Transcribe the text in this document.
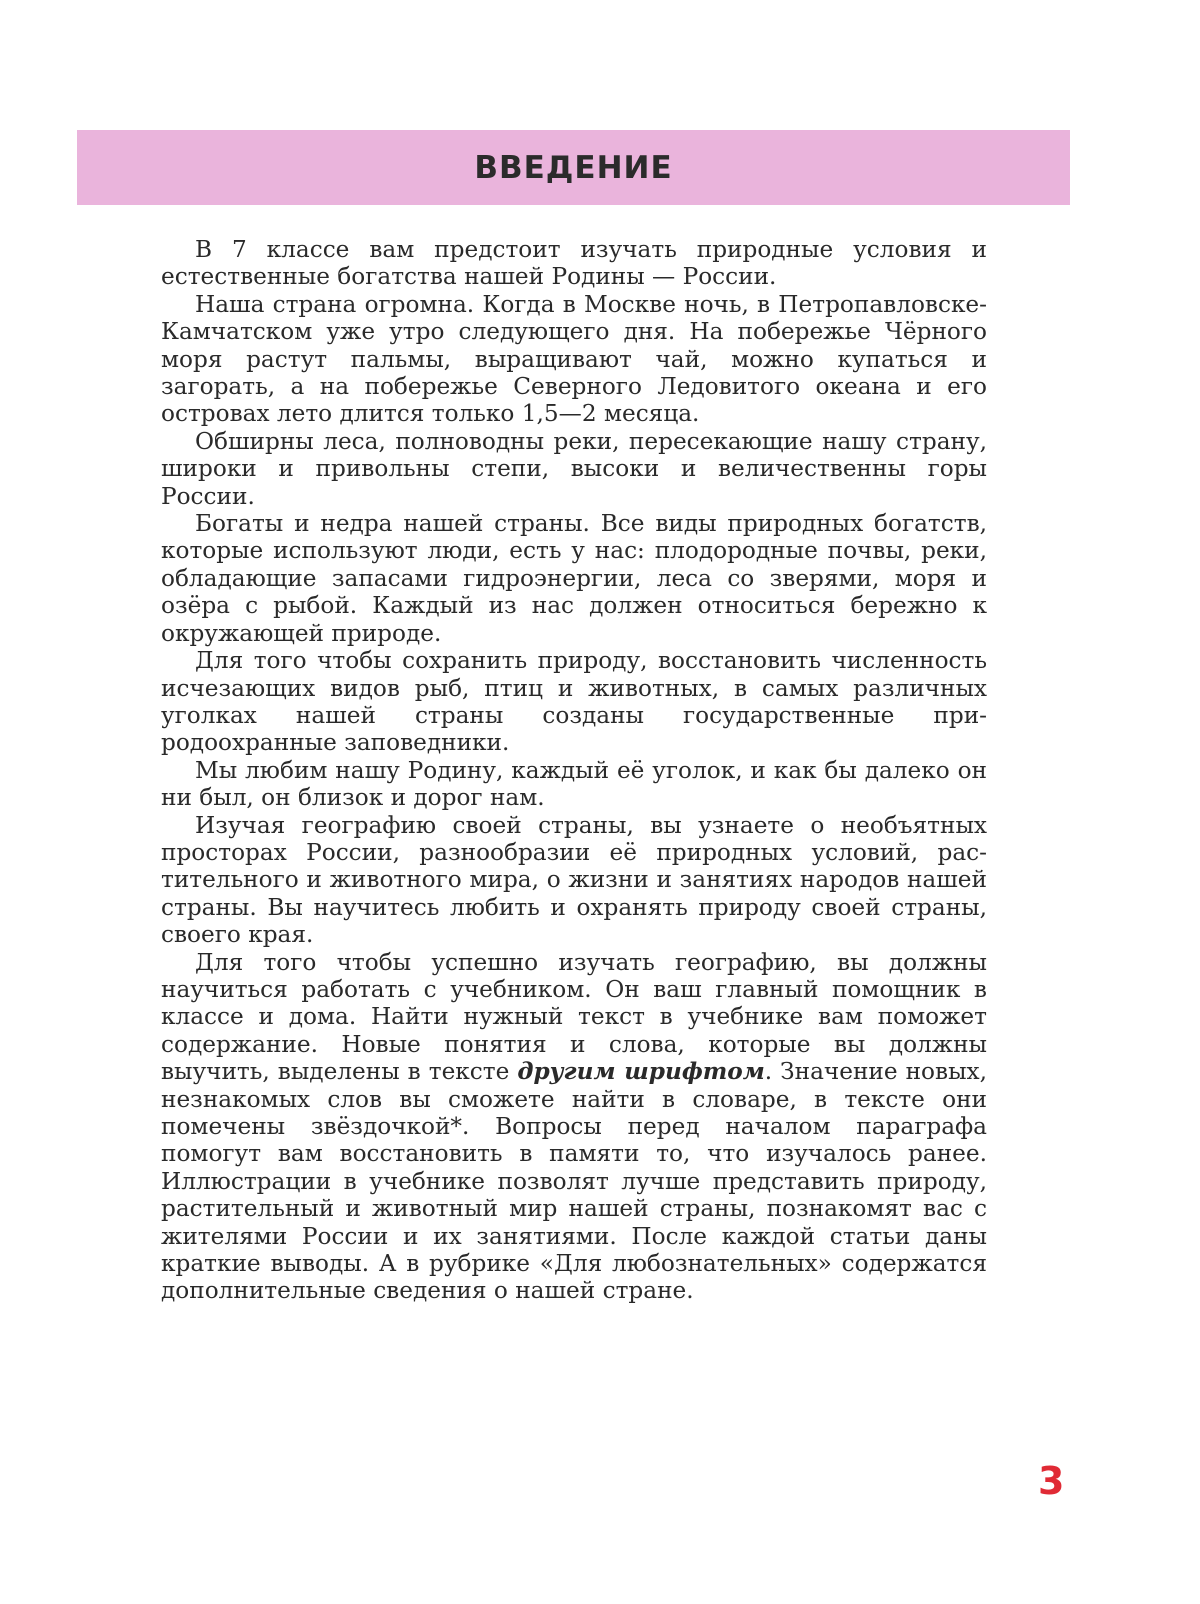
ВВЕДЕНИЕ

В 7 классе вам предстоит изучать природные условия и естественные богатства нашей Родины — России.

Наша страна огромна. Когда в Москве ночь, в Петропавловске-Камчатском уже утро следующего дня. На побережье Чёрного моря растут пальмы, выращивают чай, можно купаться и загорать, а на побережье Северного Ледовитого океана и его островах лето длится только 1,5—2 месяца.

Обширны леса, полноводны реки, пересекающие нашу страну, широки и привольны степи, высоки и величественны горы России.

Богаты и недра нашей страны. Все виды природных богатств, которые используют люди, есть у нас: плодородные почвы, реки, обладающие запасами гидроэнергии, леса со зверями, моря и озёра с рыбой. Каждый из нас должен относиться бережно к окружающей природе.

Для того чтобы сохранить природу, восстановить численность исчезающих видов рыб, птиц и животных, в самых различных уголках нашей страны созданы государственные природоохранные заповедники.

Мы любим нашу Родину, каждый её уголок, и как бы далеко он ни был, он близок и дорог нам.

Изучая географию своей страны, вы узнаете о необъятных просторах России, разнообразии её природных условий, растительного и животного мира, о жизни и занятиях народов нашей страны. Вы научитесь любить и охранять природу своей страны, своего края.

Для того чтобы успешно изучать географию, вы должны научиться работать с учебником. Он ваш главный помощник в классе и дома. Найти нужный текст в учебнике вам поможет содержание. Новые понятия и слова, которые вы должны выучить, выделены в тексте другим шрифтом. Значение новых, незнакомых слов вы сможете найти в словаре, в тексте они помечены звёздочкой*. Вопросы перед началом параграфа помогут вам восстановить в памяти то, что изучалось ранее. Иллюстрации в учебнике позволят лучше представить природу, растительный и животный мир нашей страны, познакомят вас с жителями России и их занятиями. После каждой статьи даны краткие выводы. А в рубрике «Для любознательных» содержатся дополнительные сведения о нашей стране.

3
